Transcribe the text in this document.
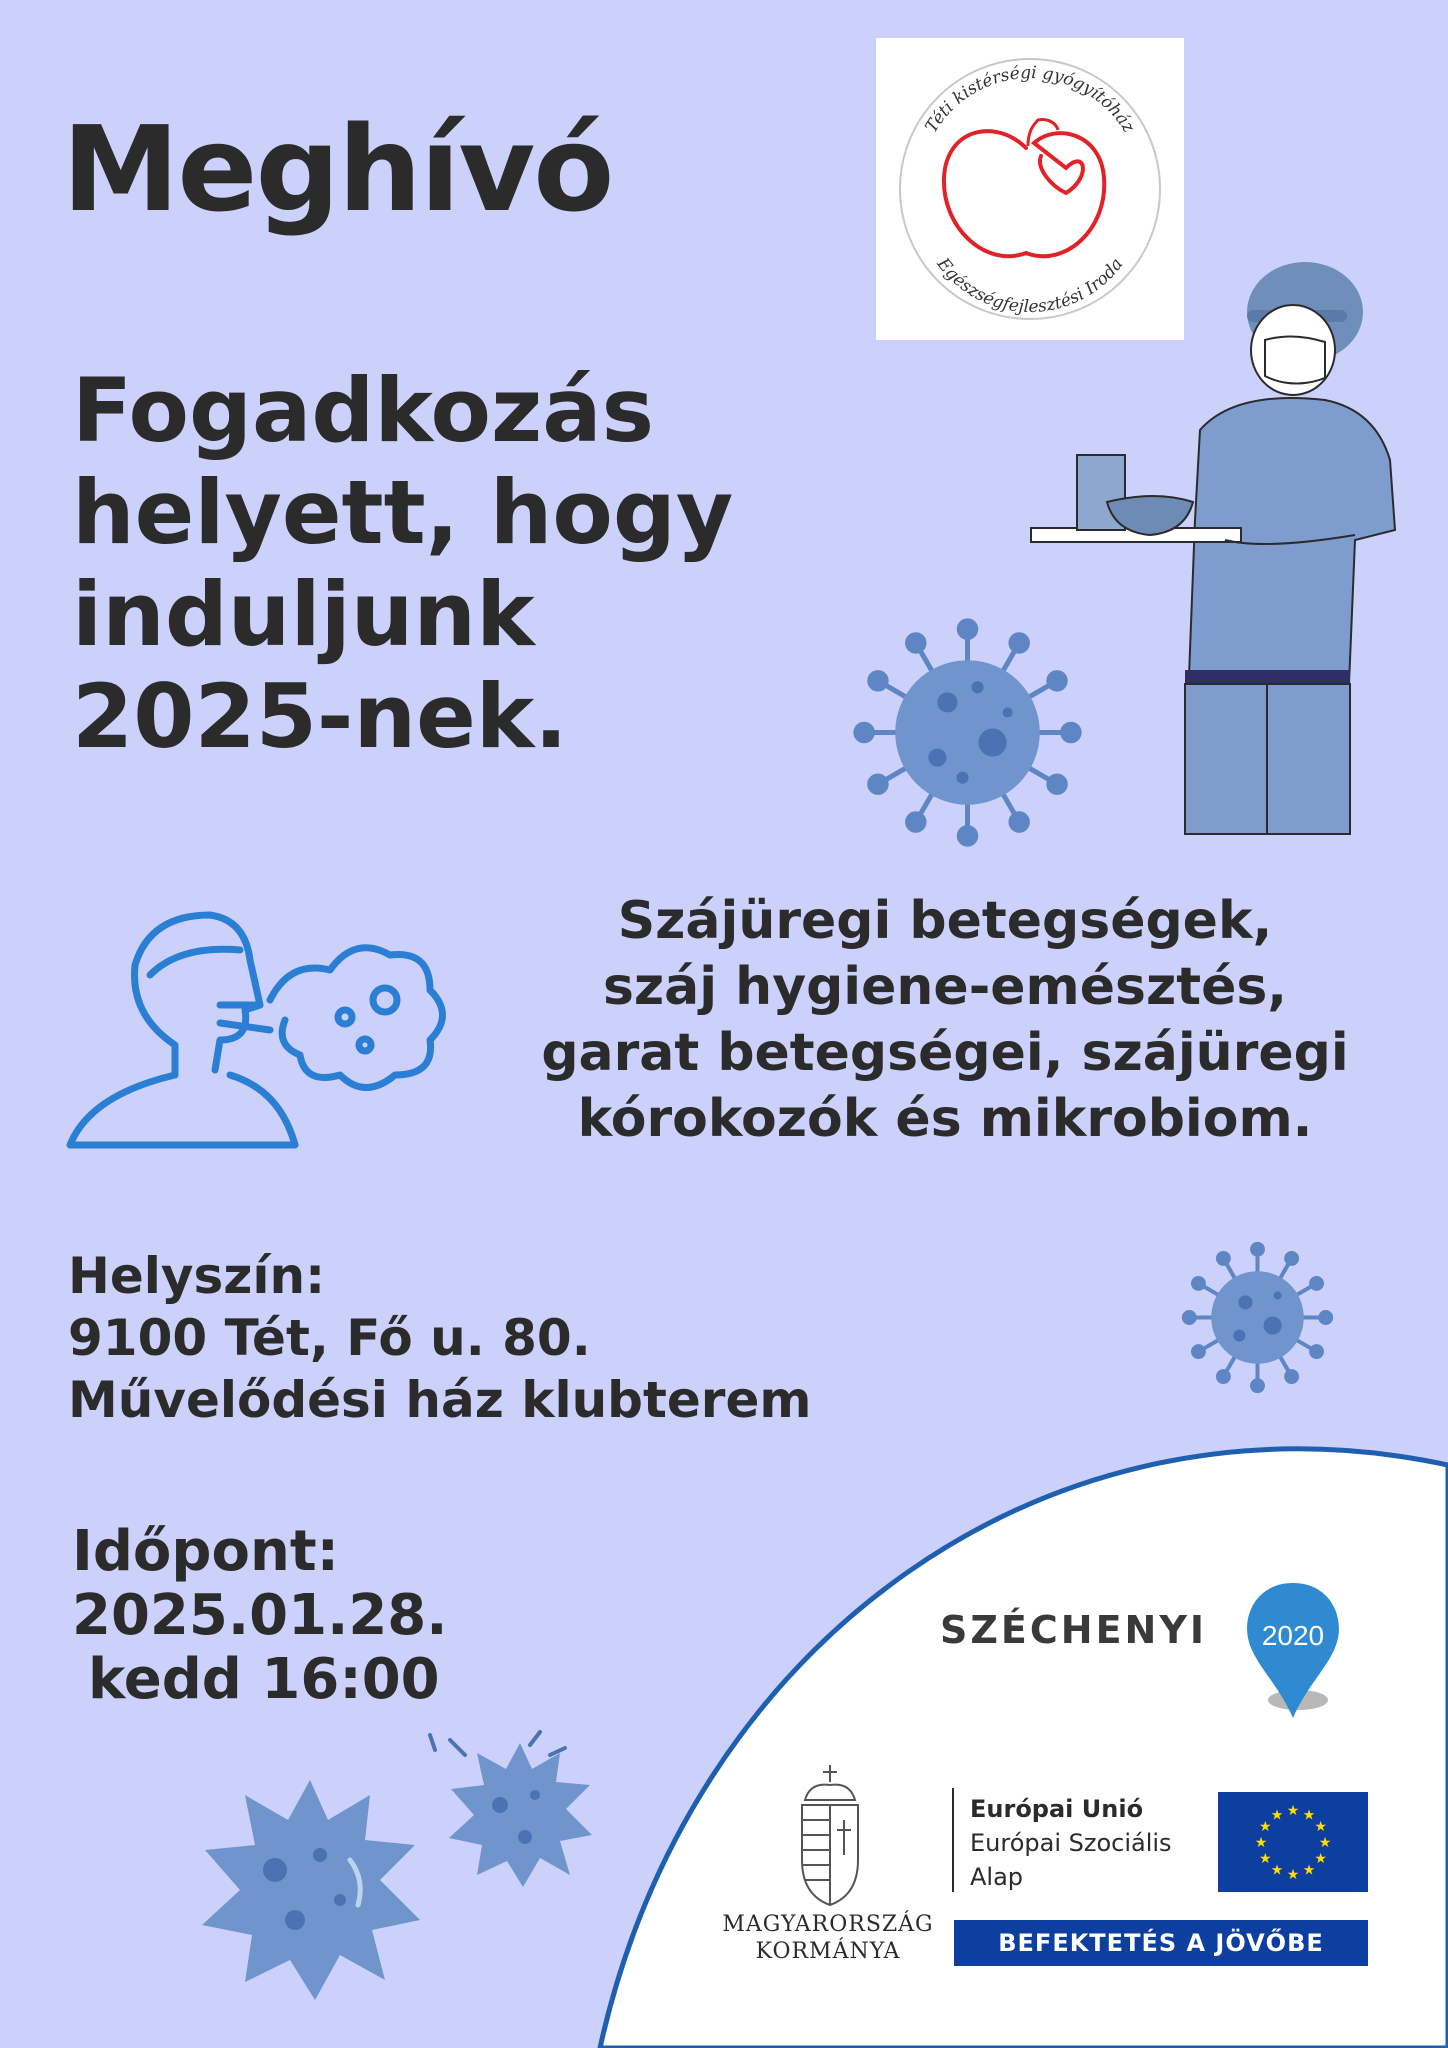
Meghívó
Fogadkozás
helyett, hogy
induljunk
2025-nek.
Téti kistérségi gyógyítóház
Egészségfejlesztési Iroda
Szájüregi betegségek,
száj hygiene-emésztés,
garat betegségei, szájüregi
kórokozók és mikrobiom.
Helyszín:
9100 Tét, Fő u. 80.
Művelődési ház klubterem
Időpont:
2025.01.28.
kedd 16:00
SZÉCHENYI 2020
MAGYARORSZÁG
KORMÁNYA
Európai Unió
Európai Szociális
Alap
★
★
★
★
★
★
★
★
★ ★ ★
★
BEFEKTETÉS A JÖVŐBE
